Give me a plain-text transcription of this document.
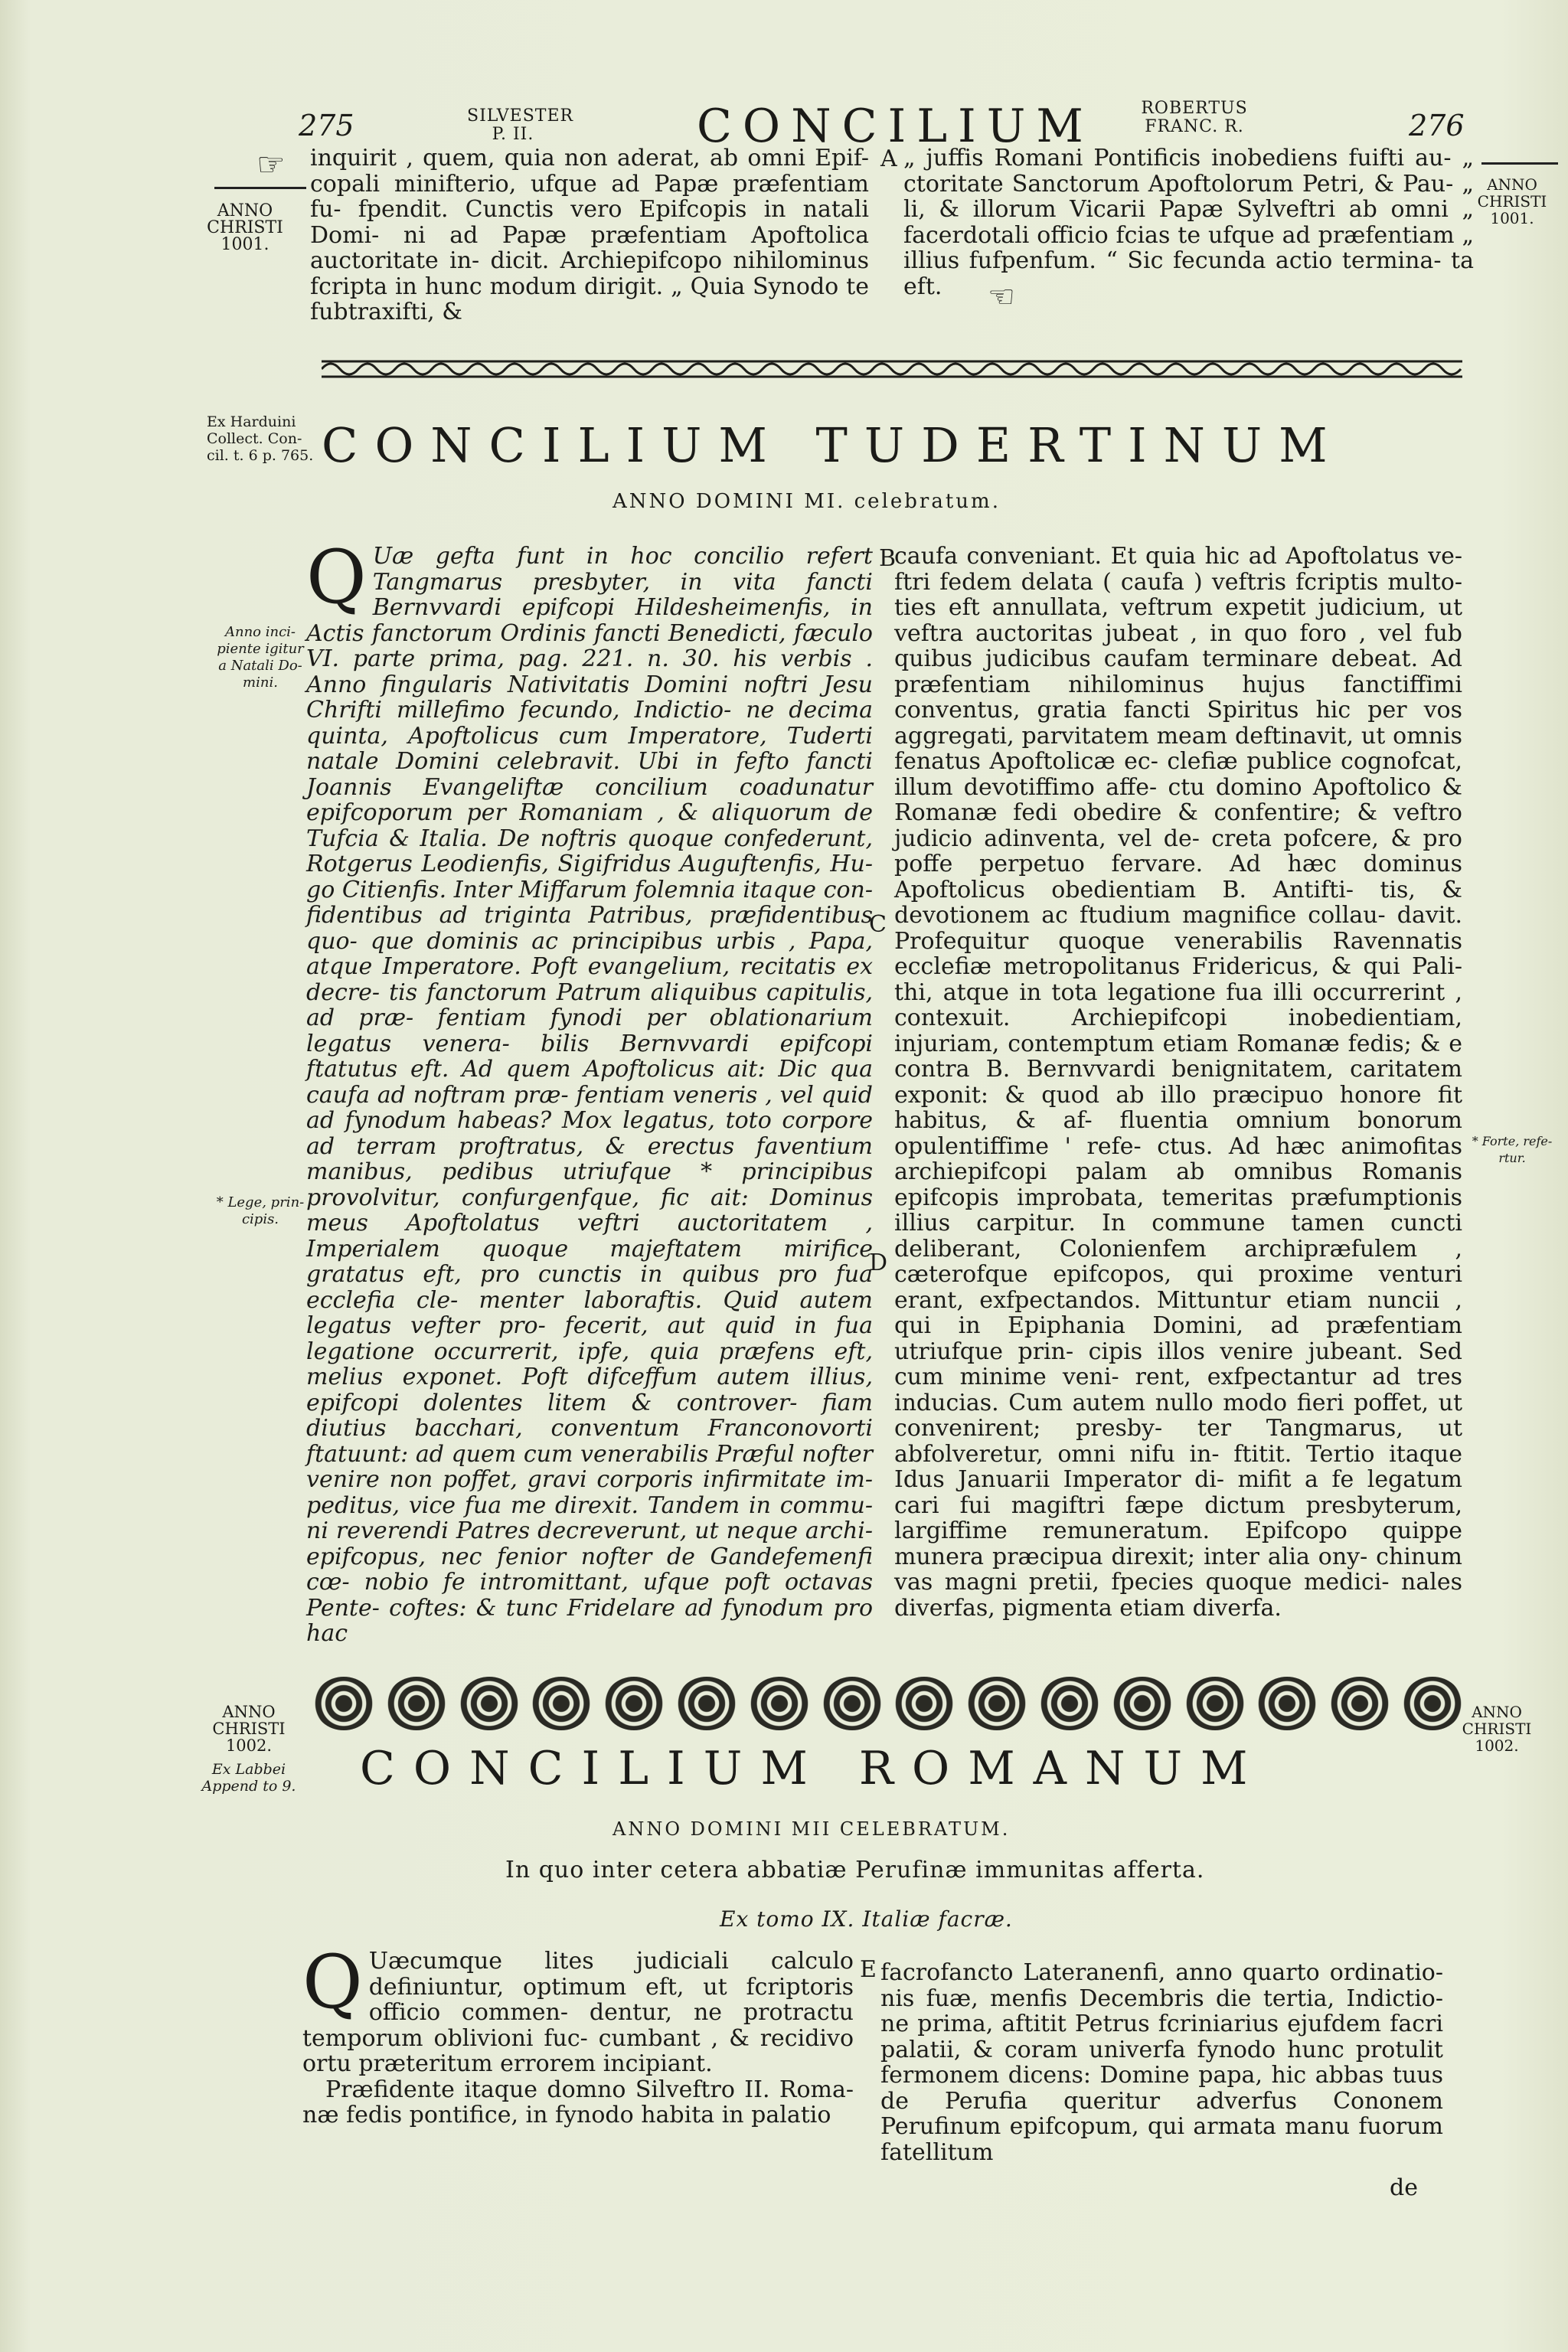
275	SILVESTER
P. II.	CONCILIUM	ROBERTUS
FRANC. R.	276
☞
ANNO CHRISTI 1001.
inquirit , quem, quia non aderat, ab omni Epif- copali minifterio, ufque ad Papæ præfentiam fu- fpendit. Cunctis vero Epifcopis in natali Domi- ni ad Papæ præfentiam Apoftolica auctoritate in- dicit. Archiepifcopo nihilominus fcripta in hunc modum dirigit. „ Quia Synodo te fubtraxifti, &
A „ juffis Romani Pontificis inobediens fuifti au- „ ctoritate Sanctorum Apoftolorum Petri, & Pau- „ li, & illorum Vicarii Papæ Sylveftri ab omni „ facerdotali officio fcias te ufque ad præfentiam „ illius fufpenfum. “ Sic fecunda actio termina- ta eft.	☜
ANNO CHRISTI 1001.
Ex Harduini Collect. Con- cil. t. 6 p. 765. CONCILIUM TUDERTINUM
ANNO DOMINI MI. celebratum.
Anno inci- piente igitur a Natali Do- mini.
* Lege, prin- cipis.
* Forte, refe- rtur.
Q Uæ gefta funt in hoc concilio refert Tangmarus presbyter, in vita fancti Bernvvardi epifcopi Hildesheimenfis, in Actis fanctorum Ordinis fancti Benedicti, fæculo VI. parte prima, pag. 221. n. 30. his verbis . Anno fingularis Nativitatis Domini noftri Jesu Chrifti millefimo fecundo, Indictio- ne decima quinta, Apoftolicus cum Imperatore, Tuderti natale Domini celebravit. Ubi in fefto fancti Joannis Evangeliftæ concilium coadunatur epifcoporum per Romaniam , & aliquorum de Tufcia & Italia. De noftris quoque confederunt, Rotgerus Leodienfis, Sigifridus Auguftenfis, Hu- go Citienfis. Inter Miffarum folemnia itaque con- fidentibus ad triginta Patribus, præfidentibus quo- que dominis ac principibus urbis , Papa, atque Imperatore. Poft evangelium, recitatis ex decre- tis fanctorum Patrum aliquibus capitulis, ad præ- fentiam fynodi per oblationarium legatus venera- bilis Bernvvardi epifcopi ftatutus eft. Ad quem Apoftolicus ait: Dic qua caufa ad noftram præ- fentiam veneris , vel quid ad fynodum habeas? Mox legatus, toto corpore ad terram proftratus, & erectus faventium manibus, pedibus utriufque * principibus provolvitur, confurgenfque, fic ait: Dominus meus Apoftolatus veftri auctoritatem , Imperialem quoque majeftatem mirifice gratatus eft, pro cunctis in quibus pro fua ecclefia cle- menter laboraftis. Quid autem legatus vefter pro- fecerit, aut quid in fua legatione occurrerit, ipfe, quia præfens eft, melius exponet. Poft difceffum autem illius, epifcopi dolentes litem & controver- fiam diutius bacchari, conventum Franconovorti ftatuunt: ad quem cum venerabilis Præful nofter venire non poffet, gravi corporis infirmitate im- peditus, vice fua me direxit. Tandem in commu- ni reverendi Patres decreverunt, ut neque archi- epifcopus, nec fenior nofter de Gandefemenfi cœ- nobio fe intromittant, ufque poft octavas Pente- coftes: & tunc Fridelare ad fynodum pro hac
B
C
D
caufa conveniant. Et quia hic ad Apoftolatus ve- ftri fedem delata ( caufa ) veftris fcriptis multo- ties eft annullata, veftrum expetit judicium, ut veftra auctoritas jubeat , in quo foro , vel fub quibus judicibus caufam terminare debeat. Ad præfentiam nihilominus hujus fanctiffimi conventus, gratia fancti Spiritus hic per vos aggregati, parvitatem meam deftinavit, ut omnis fenatus Apoftolicæ ec- clefiæ publice cognofcat, illum devotiffimo affe- ctu domino Apoftolico & Romanæ fedi obedire & confentire; & veftro judicio adinventa, vel de- creta pofcere, & pro poffe perpetuo fervare. Ad hæc dominus Apoftolicus obedientiam B. Antifti- tis, & devotionem ac ftudium magnifice collau- davit. Profequitur quoque venerabilis Ravennatis ecclefiæ metropolitanus Fridericus, & qui Pali- thi, atque in tota legatione fua illi occurrerint , contexuit. Archiepifcopi inobedientiam, injuriam, contemptum etiam Romanæ fedis; & e contra B. Bernvvardi benignitatem, caritatem exponit: & quod ab illo præcipuo honore fit habitus, & af- fluentia omnium bonorum opulentiffime ' refe- ctus. Ad hæc animofitas archiepifcopi palam ab omnibus Romanis epifcopis improbata, temeritas præfumptionis illius carpitur. In commune tamen cuncti deliberant, Colonienfem archipræfulem , cæterofque epifcopos, qui proxime venturi erant, exfpectandos. Mittuntur etiam nuncii , qui in Epiphania Domini, ad præfentiam utriufque prin- cipis illos venire jubeant. Sed cum minime veni- rent, exfpectantur ad tres inducias. Cum autem nullo modo fieri poffet, ut convenirent; presby- ter Tangmarus, ut abfolveretur, omni nifu in- ftitit. Tertio itaque Idus Januarii Imperator di- mifit a fe legatum cari fui magiftri fæpe dictum presbyterum, largiffime remuneratum. Epifcopo quippe munera præcipua direxit; inter alia ony- chinum vas magni pretii, fpecies quoque medici- nales diverfas, pigmenta etiam diverfa.
ANNO CHRISTI 1002.
Ex Labbei Append to 9.
ANNO CHRISTI 1002.
CONCILIUM ROMANUM
ANNO DOMINI MII CELEBRATUM.
In quo inter cetera abbatiæ Perufinæ immunitas afferta.
Ex tomo IX. Italiæ facræ.
Q Uæcumque lites judiciali calculo definiuntur, optimum eft, ut fcriptoris officio commen- dentur, ne protractu temporum oblivioni fuc- cumbant , & recidivo ortu præteritum errorem incipiant.

Præfidente itaque domno Silveftro II. Roma- næ fedis pontifice, in fynodo habita in palatio

E facrofancto Lateranenfi, anno quarto ordinatio- nis fuæ, menfis Decembris die tertia, Indictio- ne prima, aftitit Petrus fcriniarius ejufdem facri palatii, & coram univerfa fynodo hunc protulit fermonem dicens: Domine papa, hic abbas tuus de Perufia queritur adverfus Cononem Perufinum epifcopum, qui armata manu fuorum fatellitum
de
